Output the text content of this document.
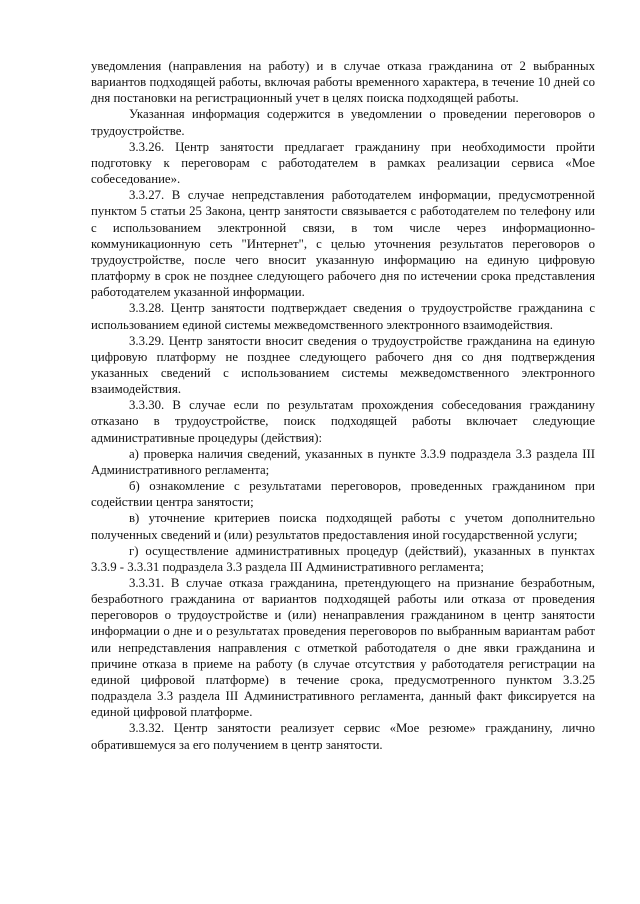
уведомления (направления на работу) и в случае отказа гражданина от 2 выбранных вариантов подходящей работы, включая работы временного характера, в течение 10 дней со дня постановки на регистрационный учет в целях поиска подходящей работы.

Указанная информация содержится в уведомлении о проведении переговоров о трудоустройстве.

3.3.26. Центр занятости предлагает гражданину при необходимости пройти подготовку к переговорам с работодателем в рамках реализации сервиса «Мое собеседование».

3.3.27. В случае непредставления работодателем информации, предусмотренной пунктом 5 статьи 25 Закона, центр занятости связывается с работодателем по телефону или с использованием электронной связи, в том числе через информационно-коммуникационную сеть "Интернет", с целью уточнения результатов переговоров о трудоустройстве, после чего вносит указанную информацию на единую цифровую платформу в срок не позднее следующего рабочего дня по истечении срока представления работодателем указанной информации.

3.3.28. Центр занятости подтверждает сведения о трудоустройстве гражданина с использованием единой системы межведомственного электронного взаимодействия.

3.3.29. Центр занятости вносит сведения о трудоустройстве гражданина на единую цифровую платформу не позднее следующего рабочего дня со дня подтверждения указанных сведений с использованием системы межведомственного электронного взаимодействия.

3.3.30. В случае если по результатам прохождения собеседования гражданину отказано в трудоустройстве, поиск подходящей работы включает следующие административные процедуры (действия):

а) проверка наличия сведений, указанных в пункте 3.3.9 подраздела 3.3 раздела III Административного регламента;

б) ознакомление с результатами переговоров, проведенных гражданином при содействии центра занятости;

в) уточнение критериев поиска подходящей работы с учетом дополнительно полученных сведений и (или) результатов предоставления иной государственной услуги;

г) осуществление административных процедур (действий), указанных в пунктах 3.3.9 - 3.3.31 подраздела 3.3 раздела III Административного регламента;

3.3.31. В случае отказа гражданина, претендующего на признание безработным, безработного гражданина от вариантов подходящей работы или отказа от проведения переговоров о трудоустройстве и (или) ненаправления гражданином в центр занятости информации о дне и о результатах проведения переговоров по выбранным вариантам работ или непредставления направления с отметкой работодателя о дне явки гражданина и причине отказа в приеме на работу (в случае отсутствия у работодателя регистрации на единой цифровой платформе) в течение срока, предусмотренного пунктом 3.3.25 подраздела 3.3 раздела III Административного регламента, данный факт фиксируется на единой цифровой платформе.

3.3.32. Центр занятости реализует сервис «Мое резюме» гражданину, лично обратившемуся за его получением в центр занятости.
